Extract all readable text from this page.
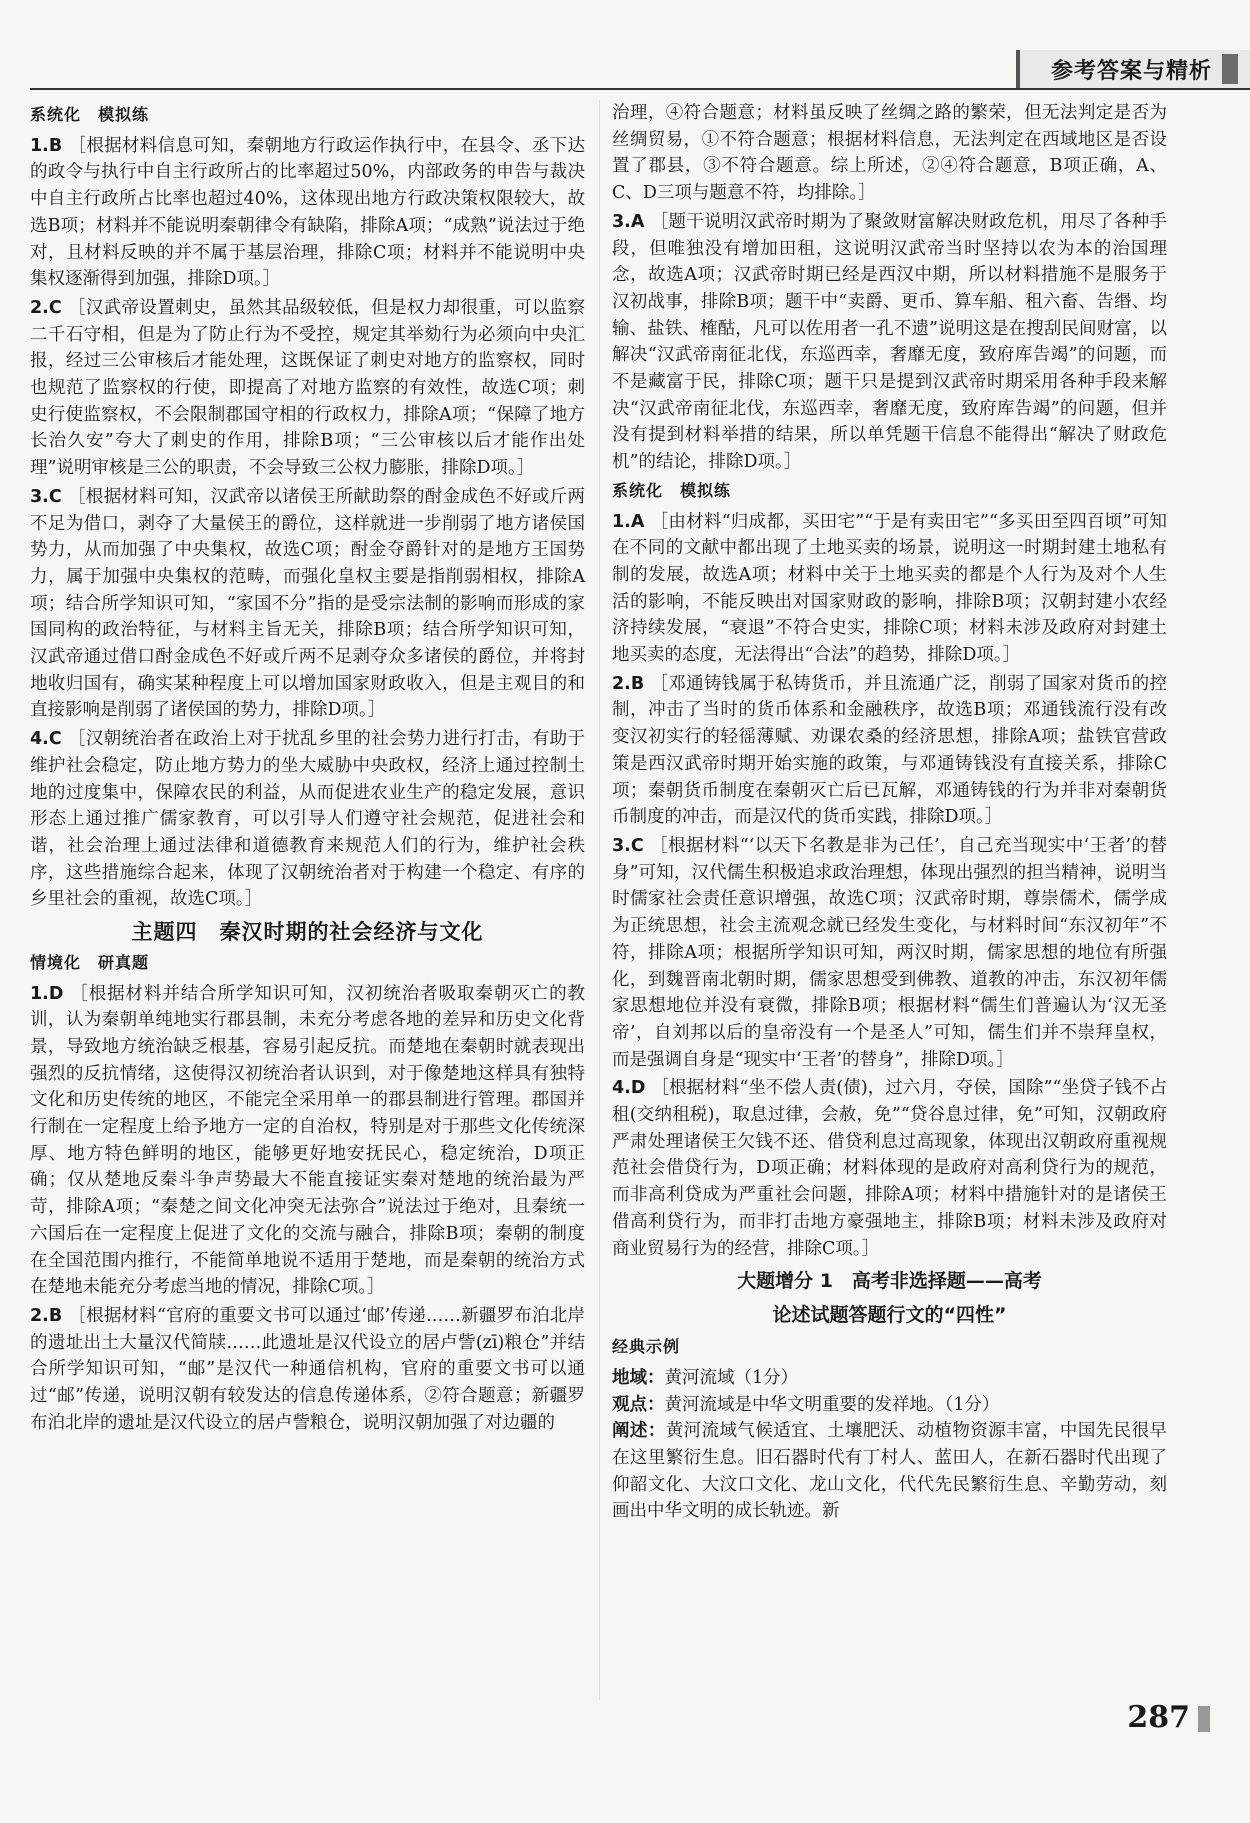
参考答案与精析
系统化　模拟练
1.B ［根据材料信息可知，秦朝地方行政运作执行中，在县令、丞下达的政令与执行中自主行政所占的比率超过50%，内部政务的申告与裁决中自主行政所占比率也超过40%，这体现出地方行政决策权限较大，故选B项；材料并不能说明秦朝律令有缺陷，排除A项；“成熟”说法过于绝对，且材料反映的并不属于基层治理，排除C项；材料并不能说明中央集权逐渐得到加强，排除D项。］
2.C ［汉武帝设置刺史，虽然其品级较低，但是权力却很重，可以监察二千石守相，但是为了防止行为不受控，规定其举劾行为必须向中央汇报，经过三公审核后才能处理，这既保证了刺史对地方的监察权，同时也规范了监察权的行使，即提高了对地方监察的有效性，故选C项；刺史行使监察权，不会限制郡国守相的行政权力，排除A项；“保障了地方长治久安”夸大了刺史的作用，排除B项；“三公审核以后才能作出处理”说明审核是三公的职责，不会导致三公权力膨胀，排除D项。］
3.C ［根据材料可知，汉武帝以诸侯王所献助祭的酎金成色不好或斤两不足为借口，剥夺了大量侯王的爵位，这样就进一步削弱了地方诸侯国势力，从而加强了中央集权，故选C项；酎金夺爵针对的是地方王国势力，属于加强中央集权的范畴，而强化皇权主要是指削弱相权，排除A项；结合所学知识可知，“家国不分”指的是受宗法制的影响而形成的家国同构的政治特征，与材料主旨无关，排除B项；结合所学知识可知，汉武帝通过借口酎金成色不好或斤两不足剥夺众多诸侯的爵位，并将封地收归国有，确实某种程度上可以增加国家财政收入，但是主观目的和直接影响是削弱了诸侯国的势力，排除D项。］
4.C ［汉朝统治者在政治上对于扰乱乡里的社会势力进行打击，有助于维护社会稳定，防止地方势力的坐大威胁中央政权，经济上通过控制土地的过度集中，保障农民的利益，从而促进农业生产的稳定发展，意识形态上通过推广儒家教育，可以引导人们遵守社会规范，促进社会和谐，社会治理上通过法律和道德教育来规范人们的行为，维护社会秩序，这些措施综合起来，体现了汉朝统治者对于构建一个稳定、有序的乡里社会的重视，故选C项。］
主题四　秦汉时期的社会经济与文化
情境化　研真题
1.D ［根据材料并结合所学知识可知，汉初统治者吸取秦朝灭亡的教训，认为秦朝单纯地实行郡县制，未充分考虑各地的差异和历史文化背景，导致地方统治缺乏根基，容易引起反抗。而楚地在秦朝时就表现出强烈的反抗情绪，这使得汉初统治者认识到，对于像楚地这样具有独特文化和历史传统的地区，不能完全采用单一的郡县制进行管理。郡国并行制在一定程度上给予地方一定的自治权，特别是对于那些文化传统深厚、地方特色鲜明的地区，能够更好地安抚民心，稳定统治，D项正确；仅从楚地反秦斗争声势最大不能直接证实秦对楚地的统治最为严苛，排除A项；“秦楚之间文化冲突无法弥合”说法过于绝对，且秦统一六国后在一定程度上促进了文化的交流与融合，排除B项；秦朝的制度在全国范围内推行，不能简单地说不适用于楚地，而是秦朝的统治方式在楚地未能充分考虑当地的情况，排除C项。］
2.B ［根据材料“官府的重要文书可以通过‘邮’传递……新疆罗布泊北岸的遗址出土大量汉代简牍……此遗址是汉代设立的居卢訾(zī)粮仓”并结合所学知识可知，“邮”是汉代一种通信机构，官府的重要文书可以通过“邮”传递，说明汉朝有较发达的信息传递体系，②符合题意；新疆罗布泊北岸的遗址是汉代设立的居卢訾粮仓，说明汉朝加强了对边疆的
治理，④符合题意；材料虽反映了丝绸之路的繁荣，但无法判定是否为丝绸贸易，①不符合题意；根据材料信息，无法判定在西域地区是否设置了郡县，③不符合题意。综上所述，②④符合题意，B项正确，A、C、D三项与题意不符，均排除。］
3.A ［题干说明汉武帝时期为了聚敛财富解决财政危机，用尽了各种手段，但唯独没有增加田租，这说明汉武帝当时坚持以农为本的治国理念，故选A项；汉武帝时期已经是西汉中期，所以材料措施不是服务于汉初战事，排除B项；题干中“卖爵、更币、算车船、租六畜、告缗、均输、盐铁、榷酤，凡可以佐用者一孔不遗”说明这是在搜刮民间财富，以解决“汉武帝南征北伐，东巡西幸，奢靡无度，致府库告竭”的问题，而不是藏富于民，排除C项；题干只是提到汉武帝时期采用各种手段来解决“汉武帝南征北伐，东巡西幸，奢靡无度，致府库告竭”的问题，但并没有提到材料举措的结果，所以单凭题干信息不能得出“解决了财政危机”的结论，排除D项。］
系统化　模拟练
1.A ［由材料“归成都，买田宅”“于是有卖田宅”“多买田至四百顷”可知在不同的文献中都出现了土地买卖的场景，说明这一时期封建土地私有制的发展，故选A项；材料中关于土地买卖的都是个人行为及对个人生活的影响，不能反映出对国家财政的影响，排除B项；汉朝封建小农经济持续发展，“衰退”不符合史实，排除C项；材料未涉及政府对封建土地买卖的态度，无法得出“合法”的趋势，排除D项。］
2.B ［邓通铸钱属于私铸货币，并且流通广泛，削弱了国家对货币的控制，冲击了当时的货币体系和金融秩序，故选B项；邓通钱流行没有改变汉初实行的轻徭薄赋、劝课农桑的经济思想，排除A项；盐铁官营政策是西汉武帝时期开始实施的政策，与邓通铸钱没有直接关系，排除C项；秦朝货币制度在秦朝灭亡后已瓦解，邓通铸钱的行为并非对秦朝货币制度的冲击，而是汉代的货币实践，排除D项。］
3.C ［根据材料“‘以天下名教是非为己任’，自己充当现实中‘王者’的替身”可知，汉代儒生积极追求政治理想，体现出强烈的担当精神，说明当时儒家社会责任意识增强，故选C项；汉武帝时期，尊崇儒术，儒学成为正统思想，社会主流观念就已经发生变化，与材料时间“东汉初年”不符，排除A项；根据所学知识可知，两汉时期，儒家思想的地位有所强化，到魏晋南北朝时期，儒家思想受到佛教、道教的冲击，东汉初年儒家思想地位并没有衰微，排除B项；根据材料“儒生们普遍认为‘汉无圣帝’，自刘邦以后的皇帝没有一个是圣人”可知，儒生们并不崇拜皇权，而是强调自身是“现实中‘王者’的替身”，排除D项。］
4.D ［根据材料“坐不偿人责(债)，过六月，夺侯，国除”“坐贷子钱不占租(交纳租税)，取息过律，会赦，免”“贷谷息过律，免”可知，汉朝政府严肃处理诸侯王欠钱不还、借贷利息过高现象，体现出汉朝政府重视规范社会借贷行为，D项正确；材料体现的是政府对高利贷行为的规范，而非高利贷成为严重社会问题，排除A项；材料中措施针对的是诸侯王借高利贷行为，而非打击地方豪强地主，排除B项；材料未涉及政府对商业贸易行为的经营，排除C项。］
大题增分 1　高考非选择题——高考
论述试题答题行文的“四性”
经典示例
地域：黄河流域（1分）
观点：黄河流域是中华文明重要的发祥地。（1分）
阐述：黄河流域气候适宜、土壤肥沃、动植物资源丰富，中国先民很早在这里繁衍生息。旧石器时代有丁村人、蓝田人，在新石器时代出现了仰韶文化、大汶口文化、龙山文化，代代先民繁衍生息、辛勤劳动，刻画出中华文明的成长轨迹。新
287
